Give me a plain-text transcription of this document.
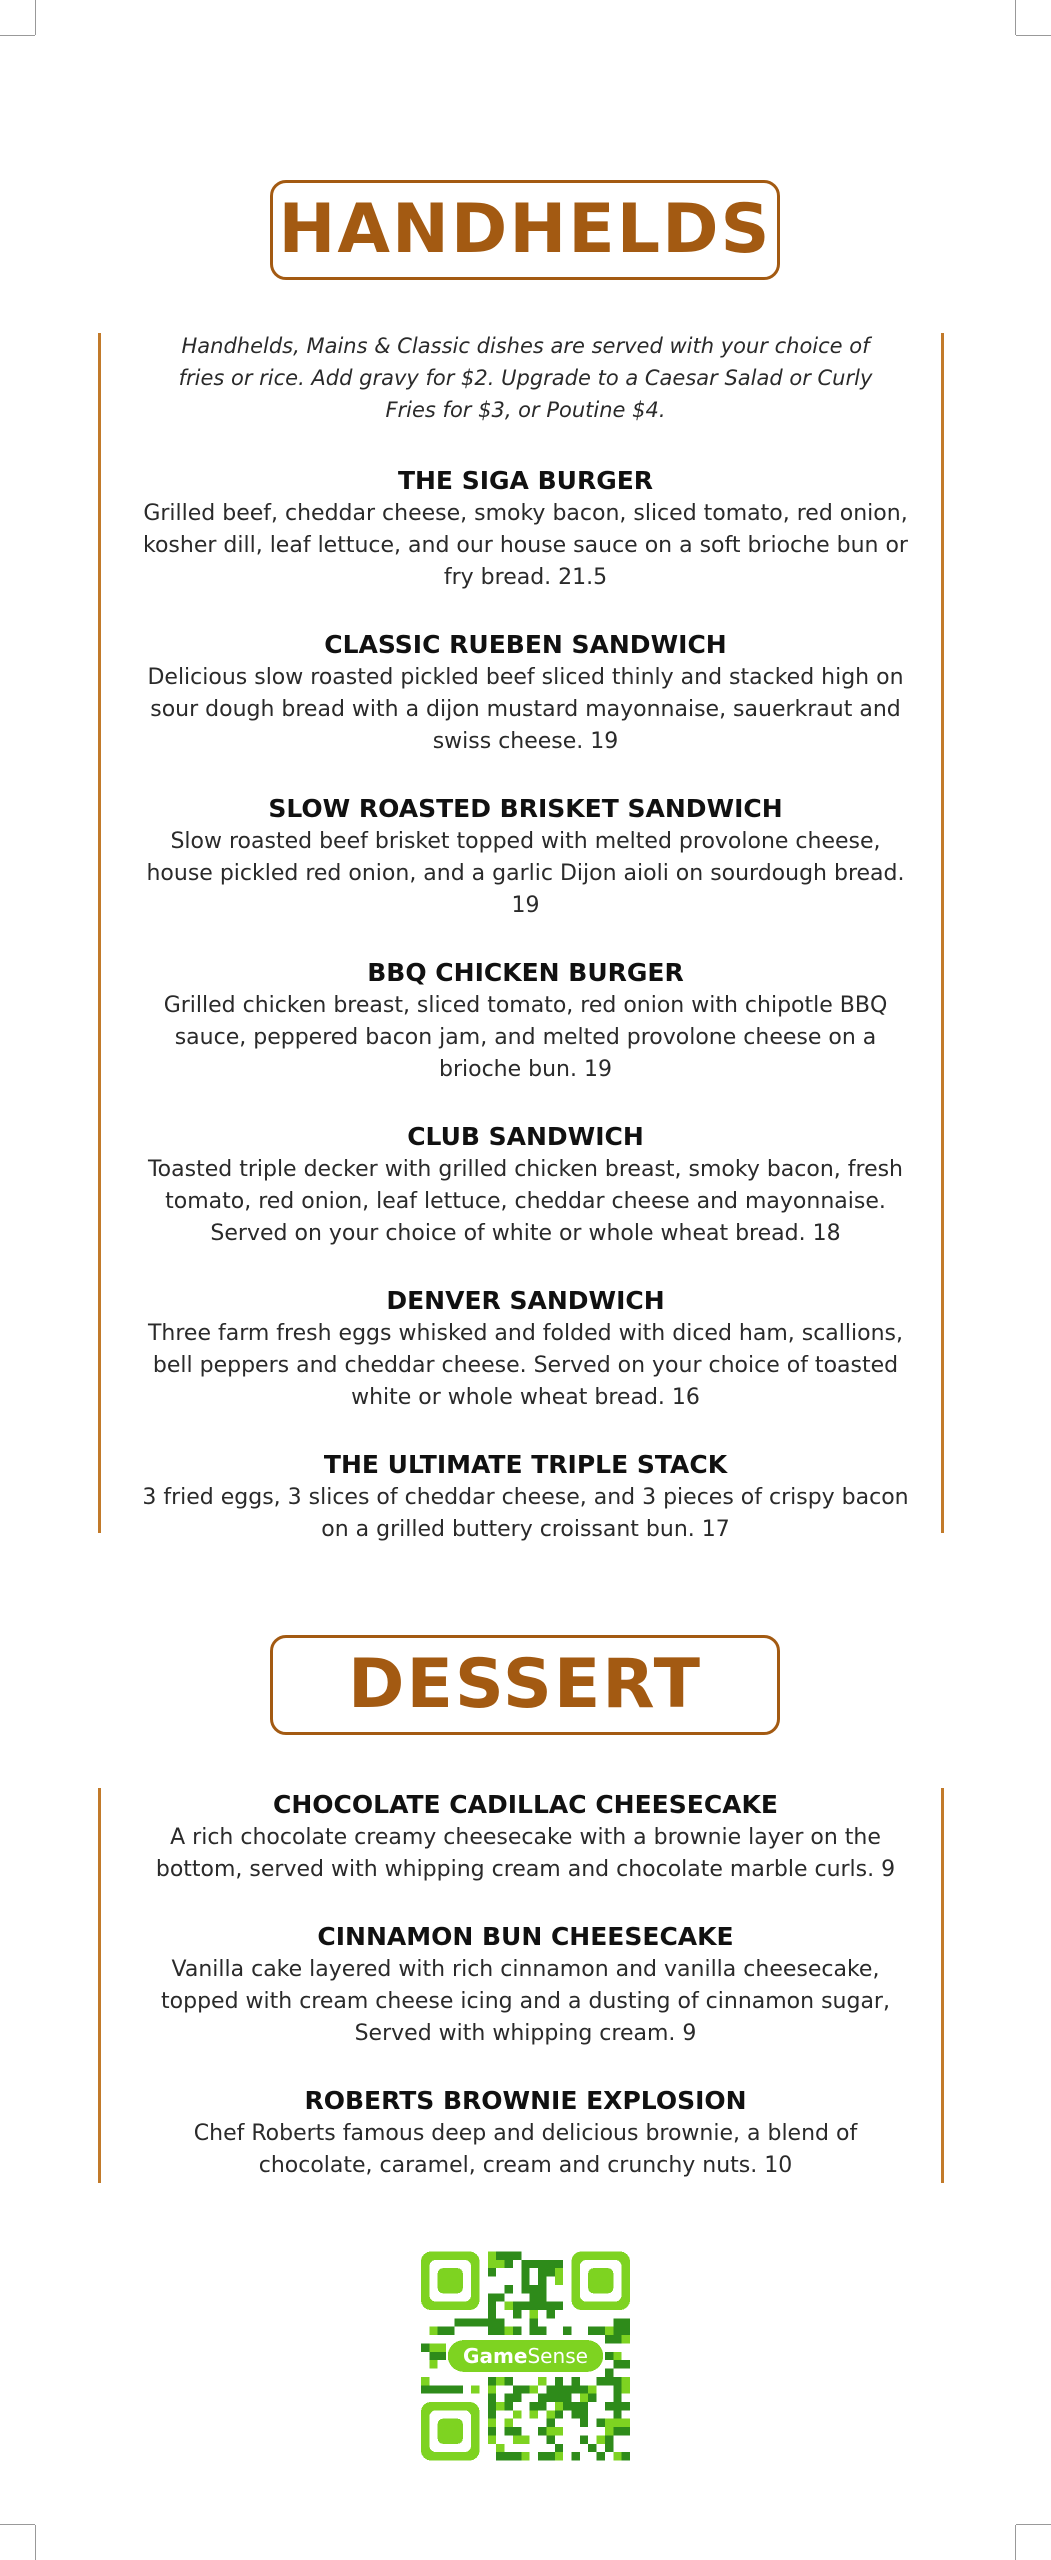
HANDHELDS

Handhelds, Mains & Classic dishes are served with your choice of fries or rice. Add gravy for $2. Upgrade to a Caesar Salad or Curly Fries for $3, or Poutine $4.

THE SIGA BURGER

Grilled beef, cheddar cheese, smoky bacon, sliced tomato, red onion, kosher dill, leaf lettuce, and our house sauce on a soft brioche bun or fry bread. 21.5

CLASSIC RUEBEN SANDWICH

Delicious slow roasted pickled beef sliced thinly and stacked high on sour dough bread with a dijon mustard mayonnaise, sauerkraut and swiss cheese. 19

SLOW ROASTED BRISKET SANDWICH

Slow roasted beef brisket topped with melted provolone cheese, house pickled red onion, and a garlic Dijon aioli on sourdough bread. 19

BBQ CHICKEN BURGER

Grilled chicken breast, sliced tomato, red onion with chipotle BBQ sauce, peppered bacon jam, and melted provolone cheese on a brioche bun. 19

CLUB SANDWICH

Toasted triple decker with grilled chicken breast, smoky bacon, fresh tomato, red onion, leaf lettuce, cheddar cheese and mayonnaise. Served on your choice of white or whole wheat bread. 18

DENVER SANDWICH

Three farm fresh eggs whisked and folded with diced ham, scallions, bell peppers and cheddar cheese. Served on your choice of toasted white or whole wheat bread. 16

THE ULTIMATE TRIPLE STACK

3 fried eggs, 3 slices of cheddar cheese, and 3 pieces of crispy bacon on a grilled buttery croissant bun. 17

DESSERT
CHOCOLATE CADILLAC CHEESECAKE

A rich chocolate creamy cheesecake with a brownie layer on the bottom, served with whipping cream and chocolate marble curls. 9

CINNAMON BUN CHEESECAKE

Vanilla cake layered with rich cinnamon and vanilla cheesecake, topped with cream cheese icing and a dusting of cinnamon sugar, Served with whipping cream. 9

ROBERTS BROWNIE EXPLOSION

Chef Roberts famous deep and delicious brownie, a blend of chocolate, caramel, cream and crunchy nuts. 10

GameSense
